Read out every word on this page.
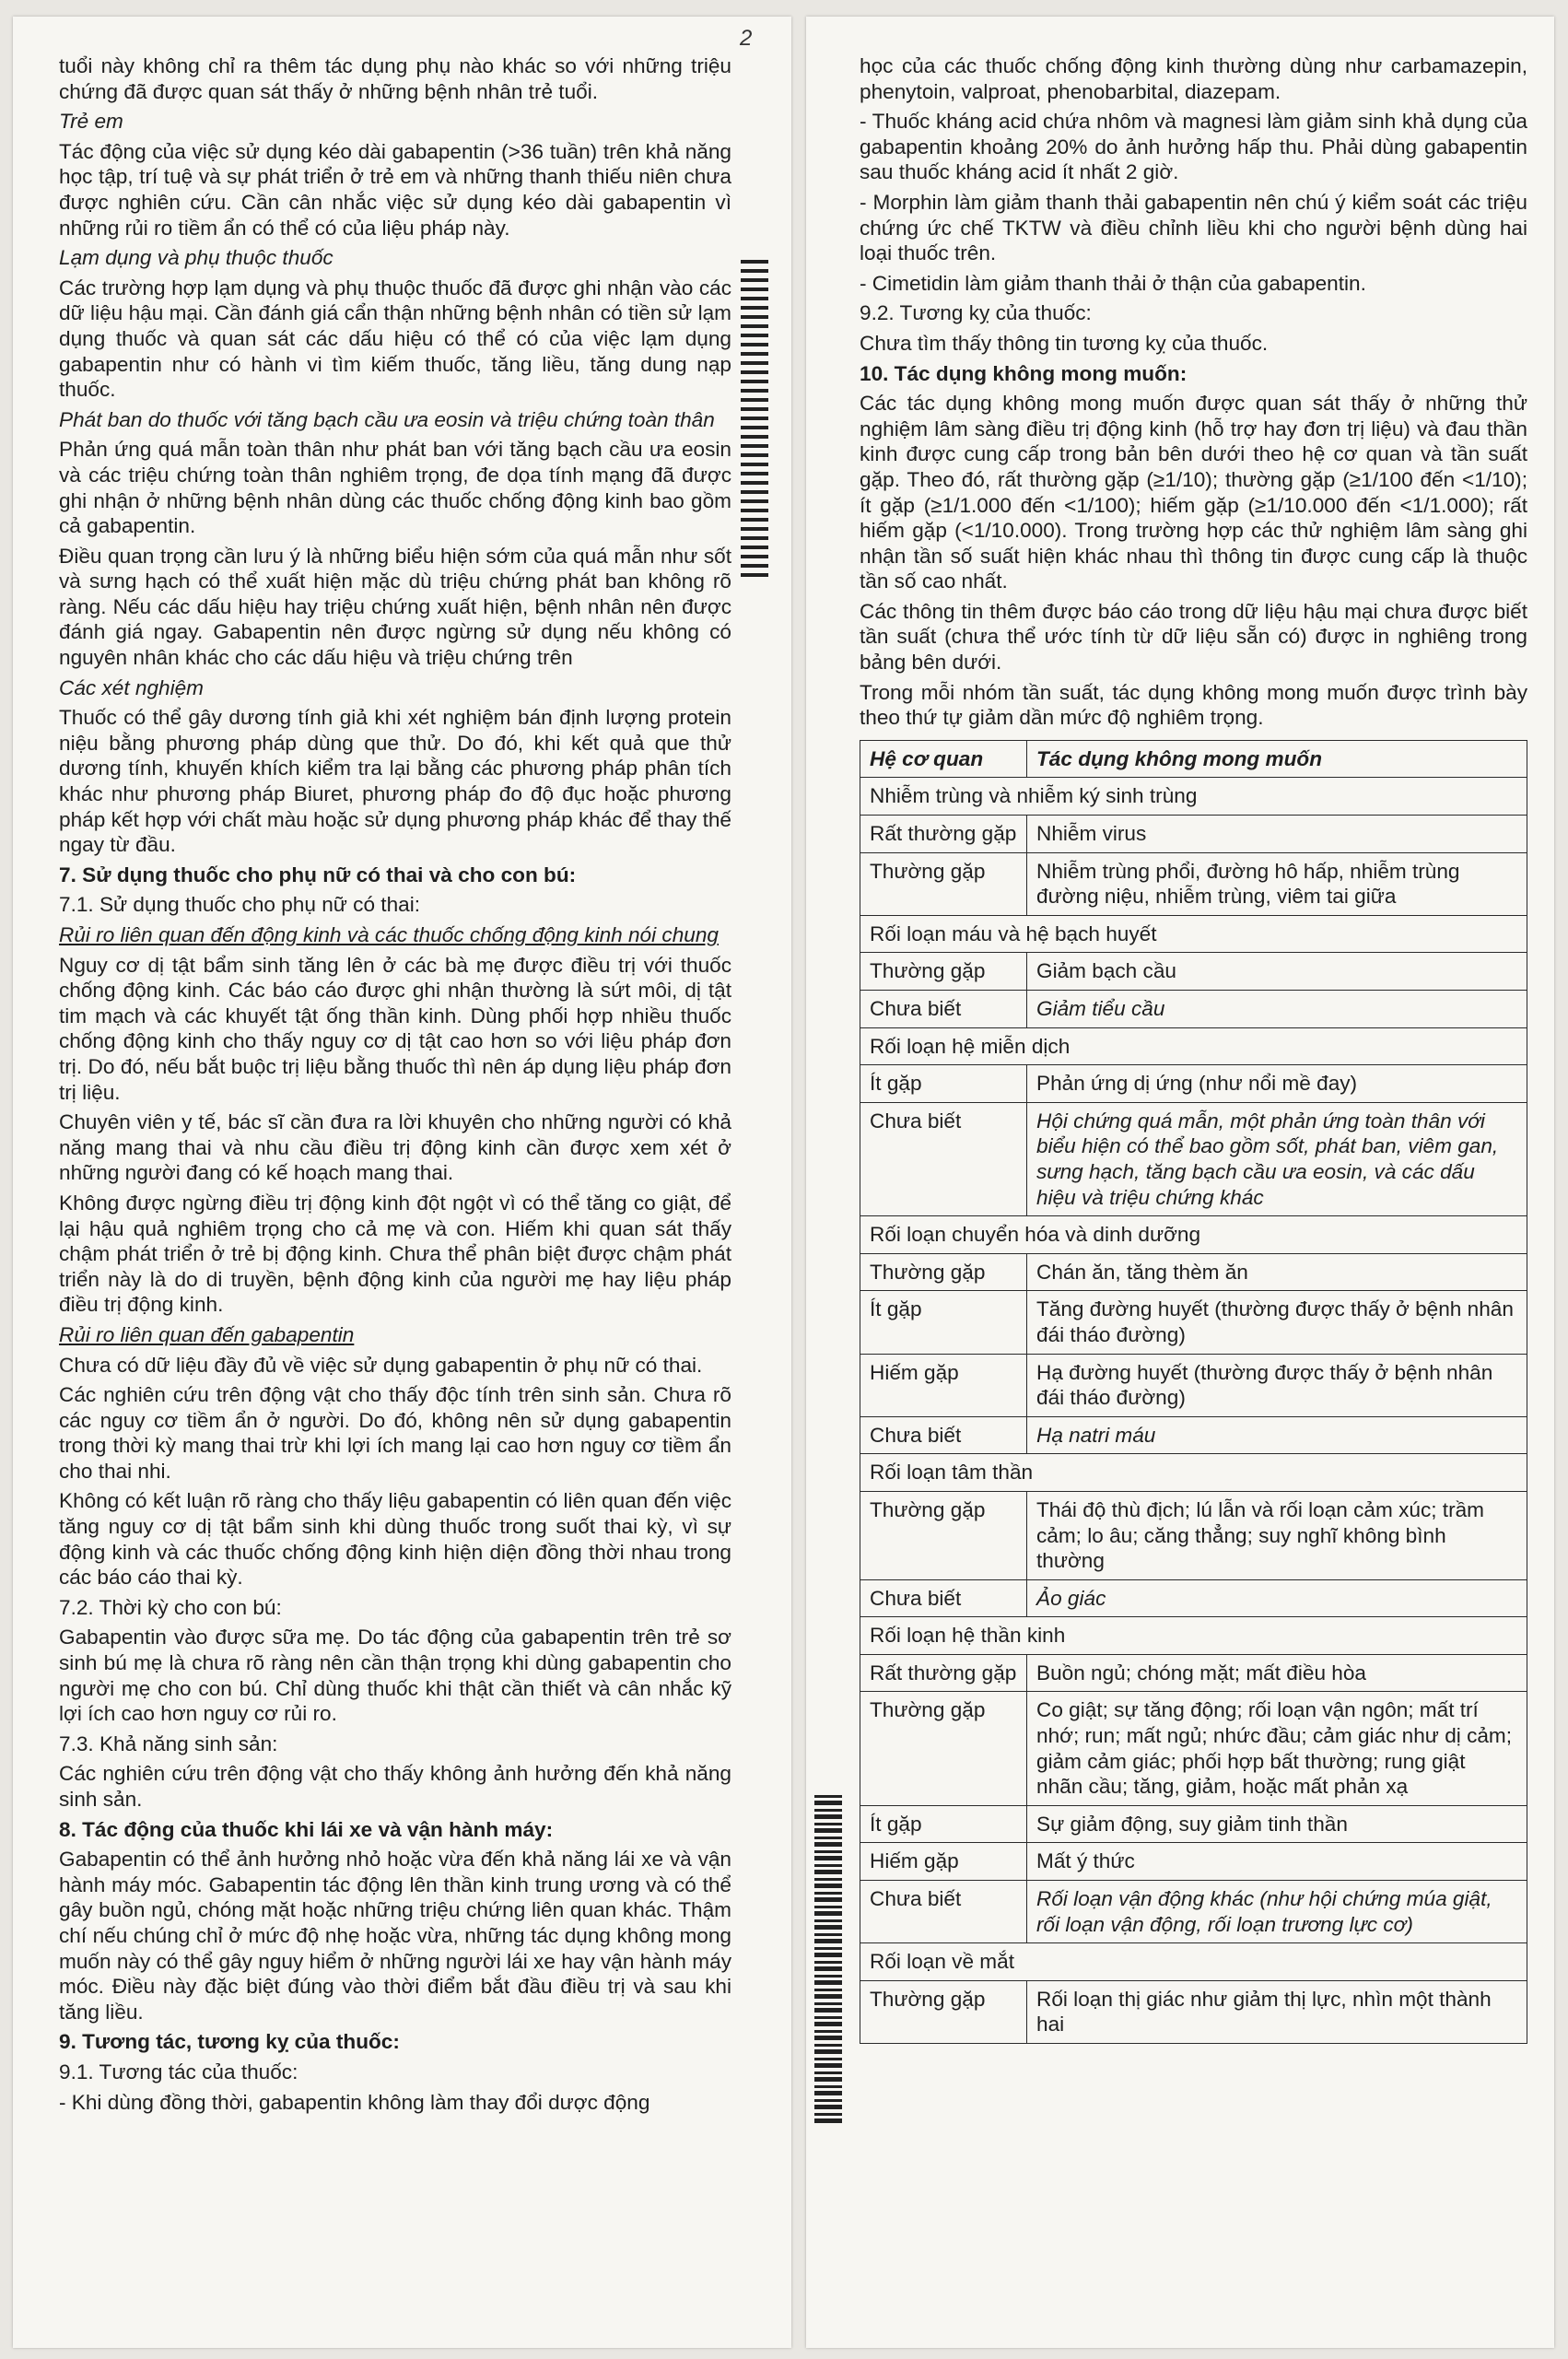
2

tuổi này không chỉ ra thêm tác dụng phụ nào khác so với những triệu chứng đã được quan sát thấy ở những bệnh nhân trẻ tuổi.

Trẻ em

Tác động của việc sử dụng kéo dài gabapentin (>36 tuần) trên khả năng học tập, trí tuệ và sự phát triển ở trẻ em và những thanh thiếu niên chưa được nghiên cứu. Cần cân nhắc việc sử dụng kéo dài gabapentin vì những rủi ro tiềm ẩn có thể có của liệu pháp này.

Lạm dụng và phụ thuộc thuốc

Các trường hợp lạm dụng và phụ thuộc thuốc đã được ghi nhận vào các dữ liệu hậu mại. Cần đánh giá cẩn thận những bệnh nhân có tiền sử lạm dụng thuốc và quan sát các dấu hiệu có thể có của việc lạm dụng gabapentin như có hành vi tìm kiếm thuốc, tăng liều, tăng dung nạp thuốc.

Phát ban do thuốc với tăng bạch cầu ưa eosin và triệu chứng toàn thân

Phản ứng quá mẫn toàn thân như phát ban với tăng bạch cầu ưa eosin và các triệu chứng toàn thân nghiêm trọng, đe dọa tính mạng đã được ghi nhận ở những bệnh nhân dùng các thuốc chống động kinh bao gồm cả gabapentin.

Điều quan trọng cần lưu ý là những biểu hiện sớm của quá mẫn như sốt và sưng hạch có thể xuất hiện mặc dù triệu chứng phát ban không rõ ràng. Nếu các dấu hiệu hay triệu chứng xuất hiện, bệnh nhân nên được đánh giá ngay. Gabapentin nên được ngừng sử dụng nếu không có nguyên nhân khác cho các dấu hiệu và triệu chứng trên

Các xét nghiệm

Thuốc có thể gây dương tính giả khi xét nghiệm bán định lượng protein niệu bằng phương pháp dùng que thử. Do đó, khi kết quả que thử dương tính, khuyến khích kiểm tra lại bằng các phương pháp phân tích khác như phương pháp Biuret, phương pháp đo độ đục hoặc phương pháp kết hợp với chất màu hoặc sử dụng phương pháp khác để thay thế ngay từ đầu.

7. Sử dụng thuốc cho phụ nữ có thai và cho con bú:

7.1. Sử dụng thuốc cho phụ nữ có thai:

Rủi ro liên quan đến động kinh và các thuốc chống động kinh nói chung

Nguy cơ dị tật bẩm sinh tăng lên ở các bà mẹ được điều trị với thuốc chống động kinh. Các báo cáo được ghi nhận thường là sứt môi, dị tật tim mạch và các khuyết tật ống thần kinh. Dùng phối hợp nhiều thuốc chống động kinh cho thấy nguy cơ dị tật cao hơn so với liệu pháp đơn trị. Do đó, nếu bắt buộc trị liệu bằng thuốc thì nên áp dụng liệu pháp đơn trị liệu.

Chuyên viên y tế, bác sĩ cần đưa ra lời khuyên cho những người có khả năng mang thai và nhu cầu điều trị động kinh cần được xem xét ở những người đang có kế hoạch mang thai.

Không được ngừng điều trị động kinh đột ngột vì có thể tăng co giật, để lại hậu quả nghiêm trọng cho cả mẹ và con. Hiếm khi quan sát thấy chậm phát triển ở trẻ bị động kinh. Chưa thể phân biệt được chậm phát triển này là do di truyền, bệnh động kinh của người mẹ hay liệu pháp điều trị động kinh.

Rủi ro liên quan đến gabapentin

Chưa có dữ liệu đầy đủ về việc sử dụng gabapentin ở phụ nữ có thai.

Các nghiên cứu trên động vật cho thấy độc tính trên sinh sản. Chưa rõ các nguy cơ tiềm ẩn ở người. Do đó, không nên sử dụng gabapentin trong thời kỳ mang thai trừ khi lợi ích mang lại cao hơn nguy cơ tiềm ẩn cho thai nhi.

Không có kết luận rõ ràng cho thấy liệu gabapentin có liên quan đến việc tăng nguy cơ dị tật bẩm sinh khi dùng thuốc trong suốt thai kỳ, vì sự động kinh và các thuốc chống động kinh hiện diện đồng thời nhau trong các báo cáo thai kỳ.

7.2. Thời kỳ cho con bú:

Gabapentin vào được sữa mẹ. Do tác động của gabapentin trên trẻ sơ sinh bú mẹ là chưa rõ ràng nên cần thận trọng khi dùng gabapentin cho người mẹ cho con bú. Chỉ dùng thuốc khi thật cần thiết và cân nhắc kỹ lợi ích cao hơn nguy cơ rủi ro.

7.3. Khả năng sinh sản:

Các nghiên cứu trên động vật cho thấy không ảnh hưởng đến khả năng sinh sản.

8. Tác động của thuốc khi lái xe và vận hành máy:

Gabapentin có thể ảnh hưởng nhỏ hoặc vừa đến khả năng lái xe và vận hành máy móc. Gabapentin tác động lên thần kinh trung ương và có thể gây buồn ngủ, chóng mặt hoặc những triệu chứng liên quan khác. Thậm chí nếu chúng chỉ ở mức độ nhẹ hoặc vừa, những tác dụng không mong muốn này có thể gây nguy hiểm ở những người lái xe hay vận hành máy móc. Điều này đặc biệt đúng vào thời điểm bắt đầu điều trị và sau khi tăng liều.

9. Tương tác, tương kỵ của thuốc:

9.1. Tương tác của thuốc:

- Khi dùng đồng thời, gabapentin không làm thay đổi dược động

học của các thuốc chống động kinh thường dùng như carbamazepin, phenytoin, valproat, phenobarbital, diazepam.

- Thuốc kháng acid chứa nhôm và magnesi làm giảm sinh khả dụng của gabapentin khoảng 20% do ảnh hưởng hấp thu. Phải dùng gabapentin sau thuốc kháng acid ít nhất 2 giờ.

- Morphin làm giảm thanh thải gabapentin nên chú ý kiểm soát các triệu chứng ức chế TKTW và điều chỉnh liều khi cho người bệnh dùng hai loại thuốc trên.

- Cimetidin làm giảm thanh thải ở thận của gabapentin.

9.2. Tương kỵ của thuốc:

Chưa tìm thấy thông tin tương kỵ của thuốc.

10. Tác dụng không mong muốn:

Các tác dụng không mong muốn được quan sát thấy ở những thử nghiệm lâm sàng điều trị động kinh (hỗ trợ hay đơn trị liệu) và đau thần kinh được cung cấp trong bản bên dưới theo hệ cơ quan và tần suất gặp. Theo đó, rất thường gặp (≥1/10); thường gặp (≥1/100 đến <1/10); ít gặp (≥1/1.000 đến <1/100); hiếm gặp (≥1/10.000 đến <1/1.000); rất hiếm gặp (<1/10.000). Trong trường hợp các thử nghiệm lâm sàng ghi nhận tần số suất hiện khác nhau thì thông tin được cung cấp là thuộc tần số cao nhất.

Các thông tin thêm được báo cáo trong dữ liệu hậu mại chưa được biết tần suất (chưa thể ước tính từ dữ liệu sẵn có) được in nghiêng trong bảng bên dưới.

Trong mỗi nhóm tần suất, tác dụng không mong muốn được trình bày theo thứ tự giảm dần mức độ nghiêm trọng.

Hệ cơ quan	Tác dụng không mong muốn
Nhiễm trùng và nhiễm ký sinh trùng	
Rất thường gặp	Nhiễm virus
Thường gặp	Nhiễm trùng phổi, đường hô hấp, nhiễm trùng đường niệu, nhiễm trùng, viêm tai giữa
Rối loạn máu và hệ bạch huyết	
Thường gặp	Giảm bạch cầu
Chưa biết	Giảm tiểu cầu
Rối loạn hệ miễn dịch	
Ít gặp	Phản ứng dị ứng (như nổi mề đay)
Chưa biết	Hội chứng quá mẫn, một phản ứng toàn thân với biểu hiện có thể bao gồm sốt, phát ban, viêm gan, sưng hạch, tăng bạch cầu ưa eosin, và các dấu hiệu và triệu chứng khác
Rối loạn chuyển hóa và dinh dưỡng	
Thường gặp	Chán ăn, tăng thèm ăn
Ít gặp	Tăng đường huyết (thường được thấy ở bệnh nhân đái tháo đường)
Hiếm gặp	Hạ đường huyết (thường được thấy ở bệnh nhân đái tháo đường)
Chưa biết	Hạ natri máu
Rối loạn tâm thần	
Thường gặp	Thái độ thù địch; lú lẫn và rối loạn cảm xúc; trầm cảm; lo âu; căng thẳng; suy nghĩ không bình thường
Chưa biết	Ảo giác
Rối loạn hệ thần kinh	
Rất thường gặp	Buồn ngủ; chóng mặt; mất điều hòa
Thường gặp	Co giật; sự tăng động; rối loạn vận ngôn; mất trí nhớ; run; mất ngủ; nhức đầu; cảm giác như dị cảm; giảm cảm giác; phối hợp bất thường; rung giật nhãn cầu; tăng, giảm, hoặc mất phản xạ
Ít gặp	Sự giảm động, suy giảm tinh thần
Hiếm gặp	Mất ý thức
Chưa biết	Rối loạn vận động khác (như hội chứng múa giật, rối loạn vận động, rối loạn trương lực cơ)
Rối loạn về mắt	
Thường gặp	Rối loạn thị giác như giảm thị lực, nhìn một thành hai
